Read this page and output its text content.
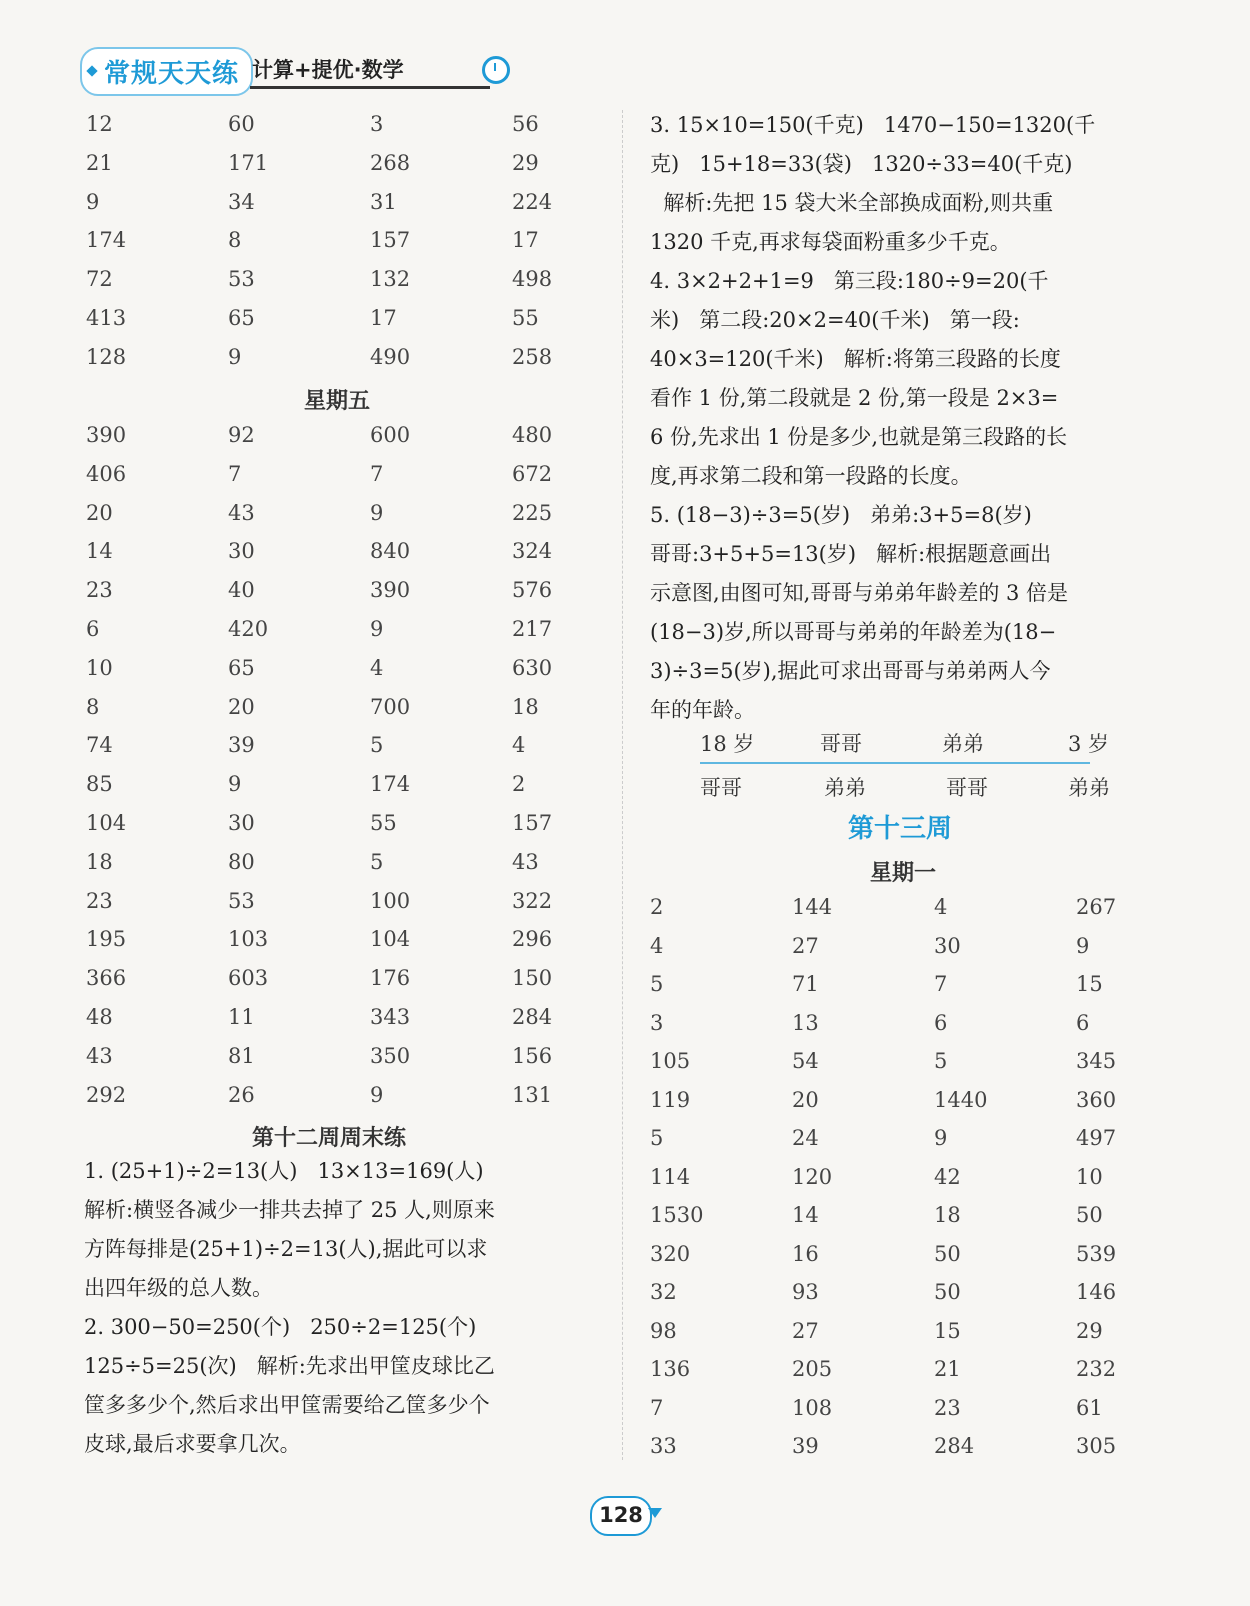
常规天天练 计算+提优·数学
12	60	3	56
21	171	268	29
9	34	31	224
174	8	157	17
72	53	132	498
413	65	17	55
128	9	490	258
星期五
390	92	600	480
406	7	7	672
20	43	9	225
14	30	840	324
23	40	390	576
6	420	9	217
10	65	4	630
8	20	700	18
74	39	5	4
85	9	174	2
104	30	55	157
18	80	5	43
23	53	100	322
195	103	104	296
366	603	176	150
48	11	343	284
43	81	350	156
292	26	9	131
第十二周周末练
1. (25+1)÷2=13(人)   13×13=169(人)
解析:横竖各减少一排共去掉了 25 人,则原来
方阵每排是(25+1)÷2=13(人),据此可以求
出四年级的总人数。
2. 300−50=250(个)   250÷2=125(个)
125÷5=25(次)   解析:先求出甲筐皮球比乙
筐多多少个,然后求出甲筐需要给乙筐多少个
皮球,最后求要拿几次。
3. 15×10=150(千克)   1470−150=1320(千
克)   15+18=33(袋)   1320÷33=40(千克)
解析:先把 15 袋大米全部换成面粉,则共重
1320 千克,再求每袋面粉重多少千克。
4. 3×2+2+1=9   第三段:180÷9=20(千
米)   第二段:20×2=40(千米)   第一段:
40×3=120(千米)   解析:将第三段路的长度
看作 1 份,第二段就是 2 份,第一段是 2×3=
6 份,先求出 1 份是多少,也就是第三段路的长
度,再求第二段和第一段路的长度。
5. (18−3)÷3=5(岁)   弟弟:3+5=8(岁)
哥哥:3+5+5=13(岁)   解析:根据题意画出
示意图,由图可知,哥哥与弟弟年龄差的 3 倍是
(18−3)岁,所以哥哥与弟弟的年龄差为(18−
3)÷3=5(岁),据此可求出哥哥与弟弟两人今
年的年龄。
18 岁	哥哥	弟弟	3 岁
哥哥	弟弟	哥哥	弟弟
第十三周
星期一
2	144	4	267
4	27	30	9
5	71	7	15
3	13	6	6
105	54	5	345
119	20	1440	360
5	24	9	497
114	120	42	10
1530	14	18	50
320	16	50	539
32	93	50	146
98	27	15	29
136	205	21	232
7	108	23	61
33	39	284	305
128
